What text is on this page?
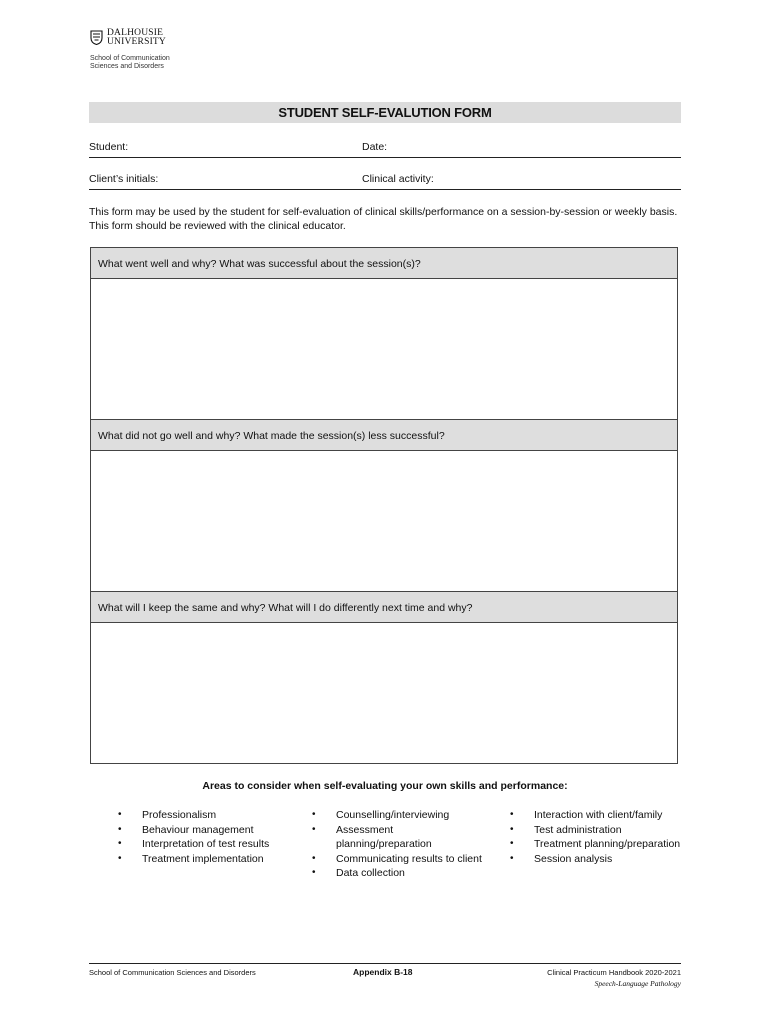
DALHOUSIE
UNIVERSITY
School of Communication
Sciences and Disorders
STUDENT SELF-EVALUTION FORM
Student:	Date:
Client’s initials:	Clinical activity:
This form may be used by the student for self-evaluation of clinical skills/performance on a session-by-session or weekly basis.
This form should be reviewed with the clinical educator.
What went well and why? What was successful about the session(s)?
What did not go well and why? What made the session(s) less successful?
What will I keep the same and why? What will I do differently next time and why?
Areas to consider when self-evaluating your own skills and performance:
• Professionalism
• Behaviour management
• Interpretation of test results
• Treatment implementation
• Counselling/interviewing
• Assessment
planning/preparation
• Communicating results to client
• Data collection
• Interaction with client/family
• Test administration
• Treatment planning/preparation
• Session analysis
School of Communication Sciences and Disorders	Appendix B-18	Clinical Practicum Handbook 2020-2021
Speech-Language Pathology
